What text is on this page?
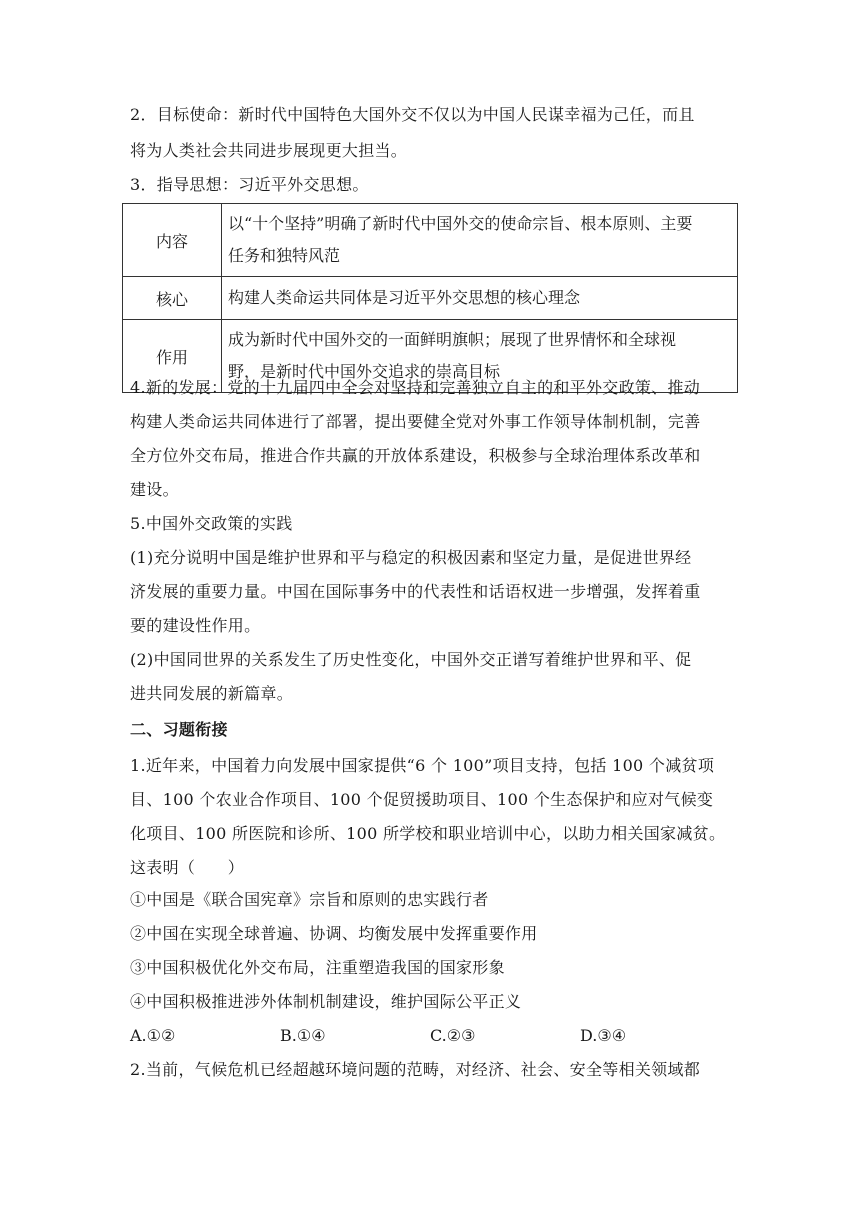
2．目标使命：新时代中国特色大国外交不仅以为中国人民谋幸福为己任，而且
将为人类社会共同进步展现更大担当。
3．指导思想：习近平外交思想。
内容	以“十个坚持”明确了新时代中国外交的使命宗旨、根本原则、主要
任务和独特风范

核心	构建人类命运共同体是习近平外交思想的核心理念

作用	成为新时代中国外交的一面鲜明旗帜；展现了世界情怀和全球视
野，是新时代中国外交追求的崇高目标
4.新的发展：党的十九届四中全会对坚持和完善独立自主的和平外交政策、推动
构建人类命运共同体进行了部署，提出要健全党对外事工作领导体制机制，完善
全方位外交布局，推进合作共赢的开放体系建设，积极参与全球治理体系改革和
建设。
5.中国外交政策的实践
(1)充分说明中国是维护世界和平与稳定的积极因素和坚定力量，是促进世界经
济发展的重要力量。中国在国际事务中的代表性和话语权进一步增强，发挥着重
要的建设性作用。
(2)中国同世界的关系发生了历史性变化，中国外交正谱写着维护世界和平、促
进共同发展的新篇章。
二、习题衔接
1.近年来，中国着力向发展中国家提供“6 个 100”项目支持，包括 100 个减贫项
目、100 个农业合作项目、100 个促贸援助项目、100 个生态保护和应对气候变
化项目、100 所医院和诊所、100 所学校和职业培训中心，以助力相关国家减贫。
这表明（　　）
①中国是《联合国宪章》宗旨和原则的忠实践行者
②中国在实现全球普遍、协调、均衡发展中发挥重要作用
③中国积极优化外交布局，注重塑造我国的国家形象
④中国积极推进涉外体制机制建设，维护国际公平正义
A.①②	B.①④	C.②③	D.③④
2.当前，气候危机已经超越环境问题的范畴，对经济、社会、安全等相关领域都
